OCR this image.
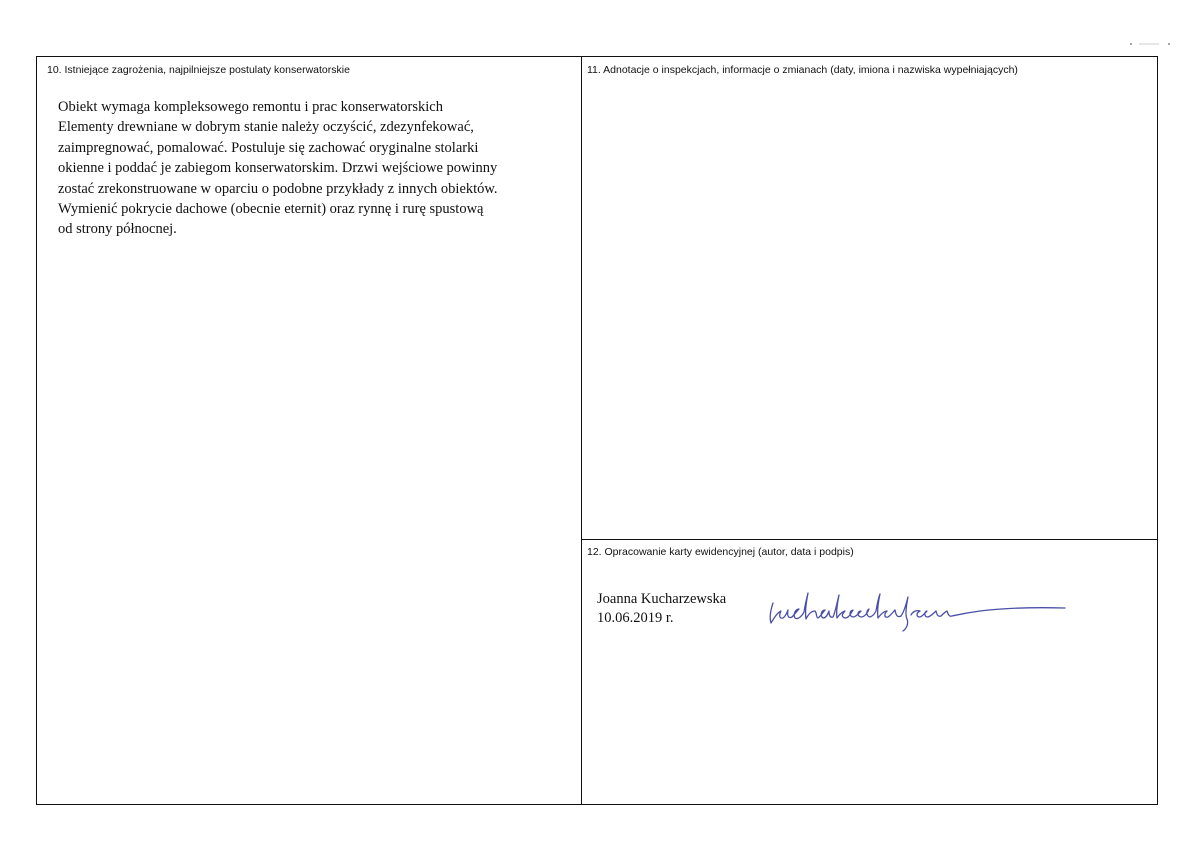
10. Istniejące zagrożenia, najpilniejsze postulaty konserwatorskie
Obiekt wymaga kompleksowego remontu i prac konserwatorskich
Elementy drewniane w dobrym stanie należy oczyścić, zdezynfekować,
zaimpregnować, pomalować. Postuluje się zachować oryginalne stolarki
okienne i poddać je zabiegom konserwatorskim. Drzwi wejściowe powinny
zostać zrekonstruowane w oparciu o podobne przykłady z innych obiektów.
Wymienić pokrycie dachowe (obecnie eternit) oraz rynnę i rurę spustową
od strony północnej.
11. Adnotacje o inspekcjach, informacje o zmianach (daty, imiona i nazwiska wypełniających)
12. Opracowanie karty ewidencyjnej (autor, data i podpis)
Joanna Kucharzewska
10.06.2019 r.
